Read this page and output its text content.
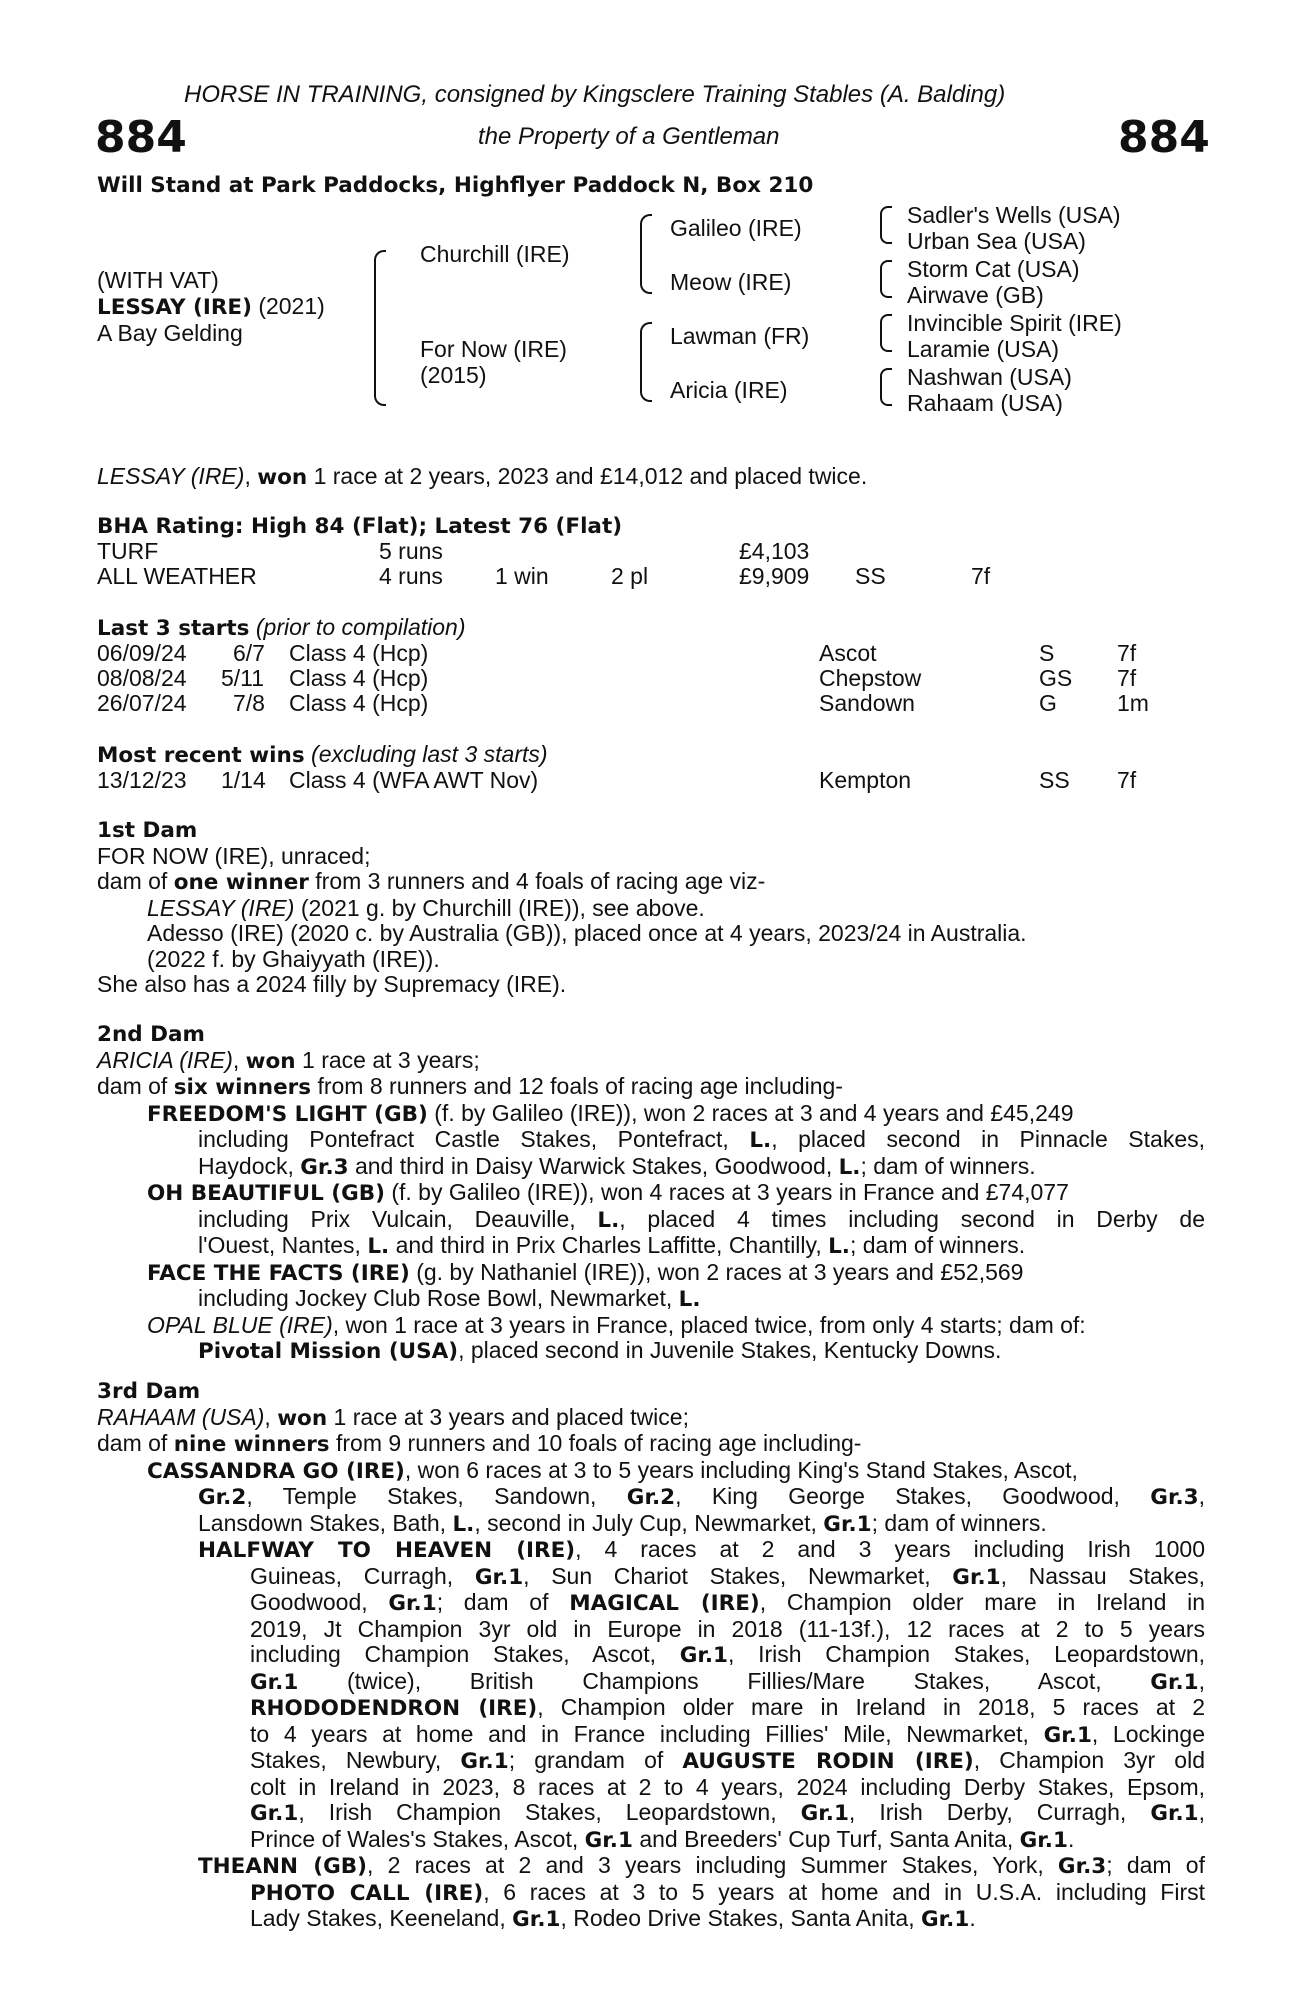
HORSE IN TRAINING, consigned by Kingsclere Training Stables (A. Balding)
884	the Property of a Gentleman	884
Will Stand at Park Paddocks, Highflyer Paddock N, Box 210
(WITH VAT)
LESSAY (IRE) (2021)
A Bay Gelding
Churchill (IRE)
For Now (IRE)
(2015)
Galileo (IRE)
Meow (IRE)
Lawman (FR)
Aricia (IRE)
Sadler's Wells (USA)
Urban Sea (USA)
Storm Cat (USA)
Airwave (GB)
Invincible Spirit (IRE)
Laramie (USA)
Nashwan (USA)
Rahaam (USA)
LESSAY (IRE), won 1 race at 2 years, 2023 and £14,012 and placed twice.
BHA Rating: High 84 (Flat); Latest 76 (Flat)
TURF	5 runs	£4,103
ALL WEATHER	4 runs 1 win	2 pl	£9,909 SS	7f
Last 3 starts (prior to compilation)
06/09/24 6/7 Class 4 (Hcp)	Ascot	S	7f
08/08/24 5/11 Class 4 (Hcp)	Chepstow	GS 7f
26/07/24 7/8 Class 4 (Hcp)	Sandown	G	1m
Most recent wins (excluding last 3 starts)
13/12/23 1/14 Class 4 (WFA AWT Nov)	Kempton	SS 7f
1st Dam
FOR NOW (IRE), unraced;
dam of one winner from 3 runners and 4 foals of racing age viz-
LESSAY (IRE) (2021 g. by Churchill (IRE)), see above.
Adesso (IRE) (2020 c. by Australia (GB)), placed once at 4 years, 2023/24 in Australia.
(2022 f. by Ghaiyyath (IRE)).
She also has a 2024 filly by Supremacy (IRE).
2nd Dam
ARICIA (IRE), won 1 race at 3 years;
dam of six winners from 8 runners and 12 foals of racing age including-
FREEDOM'S LIGHT (GB) (f. by Galileo (IRE)), won 2 races at 3 and 4 years and £45,249
including Pontefract Castle Stakes, Pontefract, L., placed second in Pinnacle Stakes,
Haydock, Gr.3 and third in Daisy Warwick Stakes, Goodwood, L.; dam of winners.
OH BEAUTIFUL (GB) (f. by Galileo (IRE)), won 4 races at 3 years in France and £74,077
including Prix Vulcain, Deauville, L., placed 4 times including second in Derby de
l'Ouest, Nantes, L. and third in Prix Charles Laffitte, Chantilly, L.; dam of winners.
FACE THE FACTS (IRE) (g. by Nathaniel (IRE)), won 2 races at 3 years and £52,569
including Jockey Club Rose Bowl, Newmarket, L.
OPAL BLUE (IRE), won 1 race at 3 years in France, placed twice, from only 4 starts; dam of:
Pivotal Mission (USA), placed second in Juvenile Stakes, Kentucky Downs.
3rd Dam
RAHAAM (USA), won 1 race at 3 years and placed twice;
dam of nine winners from 9 runners and 10 foals of racing age including-
CASSANDRA GO (IRE), won 6 races at 3 to 5 years including King's Stand Stakes, Ascot,
Gr.2, Temple Stakes, Sandown, Gr.2, King George Stakes, Goodwood, Gr.3,
Lansdown Stakes, Bath, L., second in July Cup, Newmarket, Gr.1; dam of winners.
HALFWAY TO HEAVEN (IRE), 4 races at 2 and 3 years including Irish 1000
Guineas, Curragh, Gr.1, Sun Chariot Stakes, Newmarket, Gr.1, Nassau Stakes,
Goodwood, Gr.1; dam of MAGICAL (IRE), Champion older mare in Ireland in
2019, Jt Champion 3yr old in Europe in 2018 (11-13f.), 12 races at 2 to 5 years
including Champion Stakes, Ascot, Gr.1, Irish Champion Stakes, Leopardstown,
Gr.1 (twice), British Champions Fillies/Mare Stakes, Ascot, Gr.1,
RHODODENDRON (IRE), Champion older mare in Ireland in 2018, 5 races at 2
to 4 years at home and in France including Fillies' Mile, Newmarket, Gr.1, Lockinge
Stakes, Newbury, Gr.1; grandam of AUGUSTE RODIN (IRE), Champion 3yr old
colt in Ireland in 2023, 8 races at 2 to 4 years, 2024 including Derby Stakes, Epsom,
Gr.1, Irish Champion Stakes, Leopardstown, Gr.1, Irish Derby, Curragh, Gr.1,
Prince of Wales's Stakes, Ascot, Gr.1 and Breeders' Cup Turf, Santa Anita, Gr.1.
THEANN (GB), 2 races at 2 and 3 years including Summer Stakes, York, Gr.3; dam of
PHOTO CALL (IRE), 6 races at 3 to 5 years at home and in U.S.A. including First
Lady Stakes, Keeneland, Gr.1, Rodeo Drive Stakes, Santa Anita, Gr.1.
